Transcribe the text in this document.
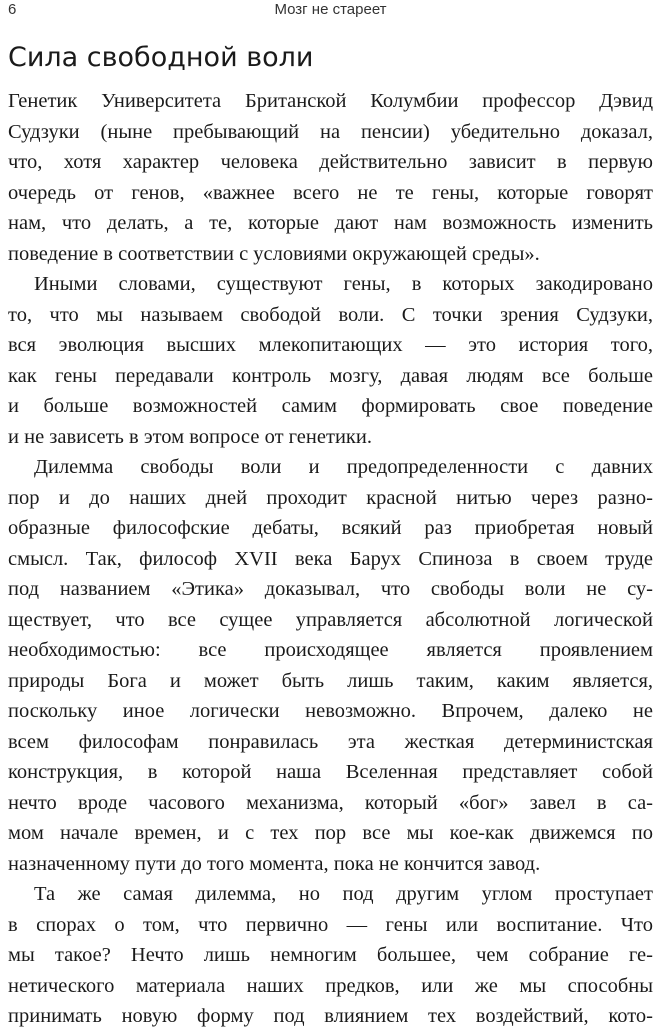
6	Мозг не стареет
Сила свободной воли

Генетик Университета Британской Колумбии профессор Дэвид
Судзуки (ныне пребывающий на пенсии) убедительно доказал,
что, хотя характер человека действительно зависит в первую
очередь от генов, «важнее всего не те гены, которые говорят
нам, что делать, а те, которые дают нам возможность изменить
поведение в соответствии с условиями окружающей среды».

Иными словами, существуют гены, в которых закодировано
то, что мы называем свободой воли. С точки зрения Судзуки,
вся эволюция высших млекопитающих — это история того,
как гены передавали контроль мозгу, давая людям все больше
и больше возможностей самим формировать свое поведение
и не зависеть в этом вопросе от генетики.

Дилемма свободы воли и предопределенности с давних
пор и до наших дней проходит красной нитью через разно-
образные философские дебаты, всякий раз приобретая новый
смысл. Так, философ XVII века Барух Спиноза в своем труде
под названием «Этика» доказывал, что свободы воли не су-
ществует, что все сущее управляется абсолютной логической
необходимостью: все происходящее является проявлением
природы Бога и может быть лишь таким, каким является,
поскольку иное логически невозможно. Впрочем, далеко не
всем философам понравилась эта жесткая детерминистская
конструкция, в которой наша Вселенная представляет собой
нечто вроде часового механизма, который «бог» завел в са-
мом начале времен, и с тех пор все мы кое-как движемся по
назначенному пути до того момента, пока не кончится завод.

Та же самая дилемма, но под другим углом проступает
в спорах о том, что первично — гены или воспитание. Что
мы такое? Нечто лишь немногим большее, чем собрание ге-
нетического материала наших предков, или же мы способны
принимать новую форму под влиянием тех воздействий, кото-
